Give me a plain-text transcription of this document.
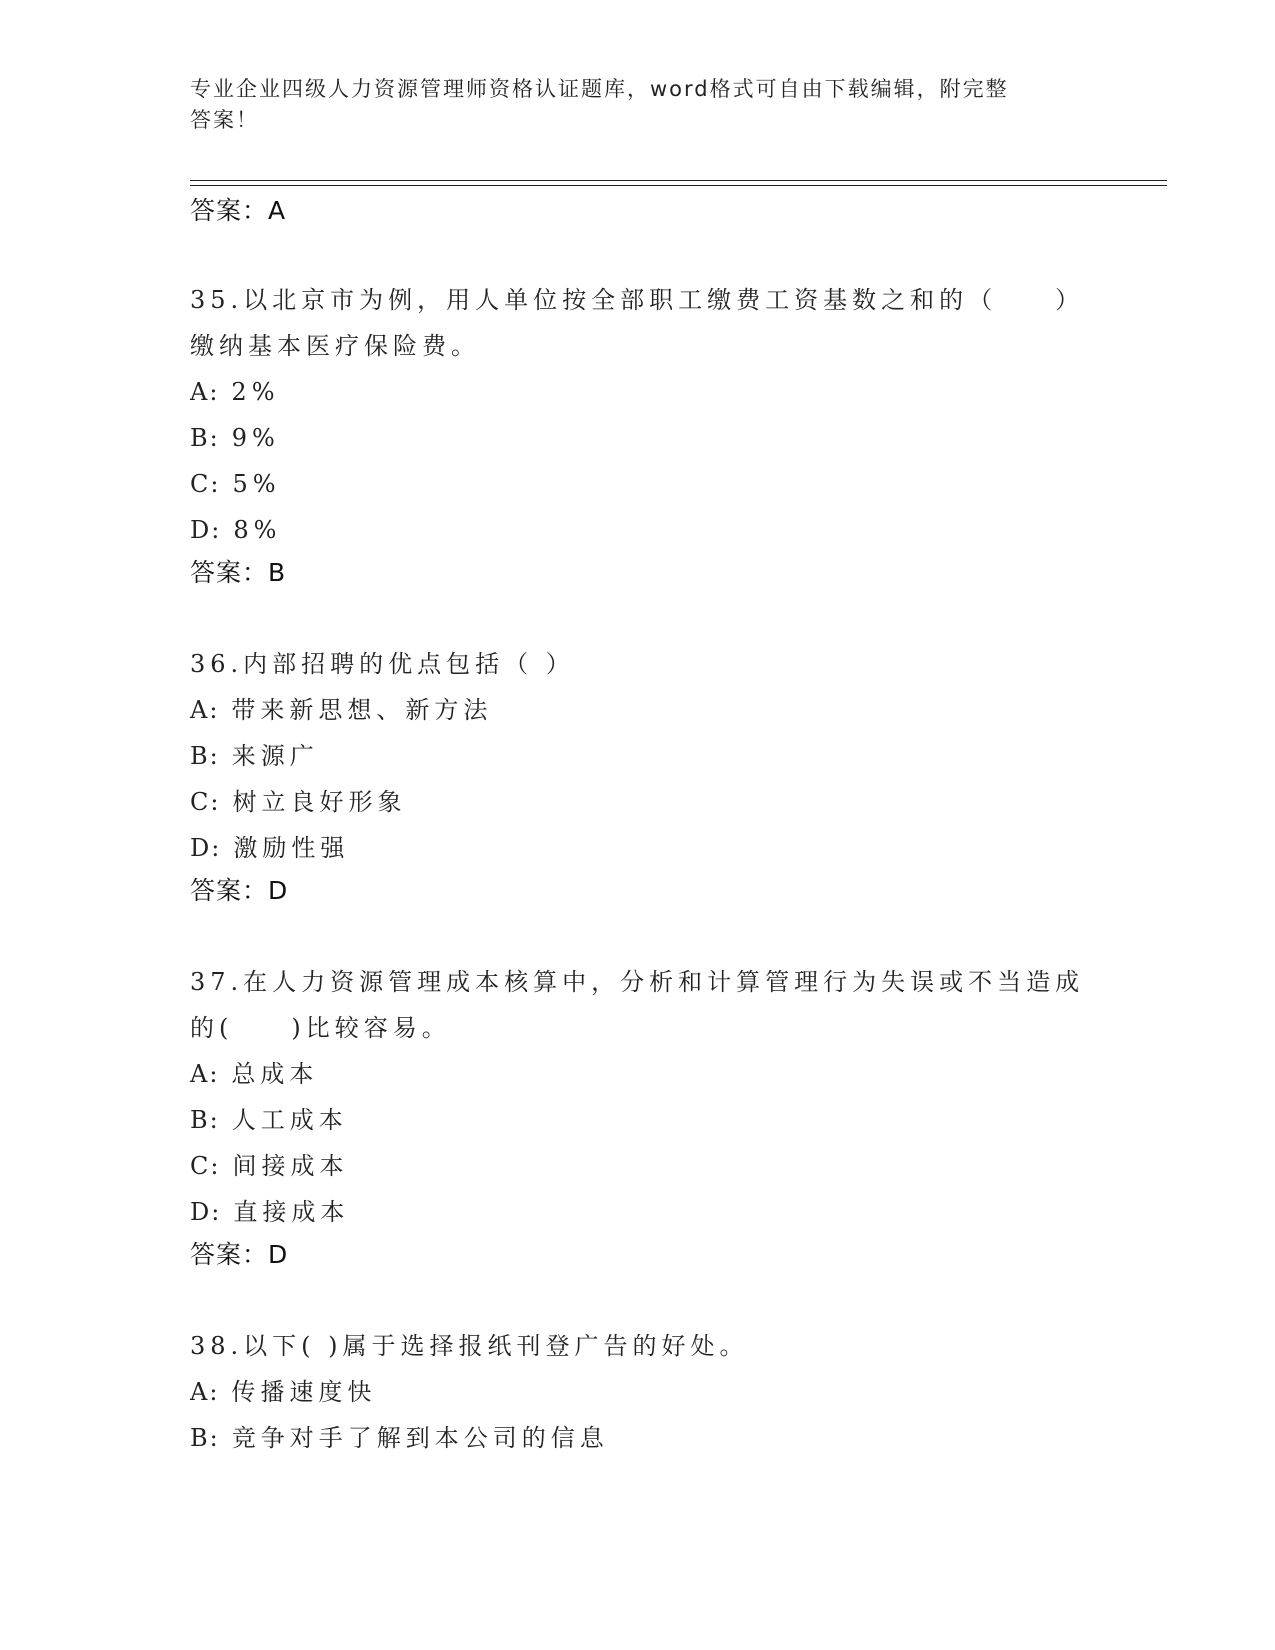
专业企业四级人力资源管理师资格认证题库，word格式可自由下载编辑，附完整
答案！
答案：A
35.以北京市为例，用人单位按全部职工缴费工资基数之和的（　　）
缴纳基本医疗保险费。
A: 2%
B: 9%
C: 5%
D: 8%
答案：B
36.内部招聘的优点包括（ ）
A: 带来新思想、新方法
B: 来源广
C: 树立良好形象
D: 激励性强
答案：D
37.在人力资源管理成本核算中，分析和计算管理行为失误或不当造成
的(　　)比较容易。
A: 总成本
B: 人工成本
C: 间接成本
D: 直接成本
答案：D
38.以下( )属于选择报纸刊登广告的好处。
A: 传播速度快
B: 竞争对手了解到本公司的信息
